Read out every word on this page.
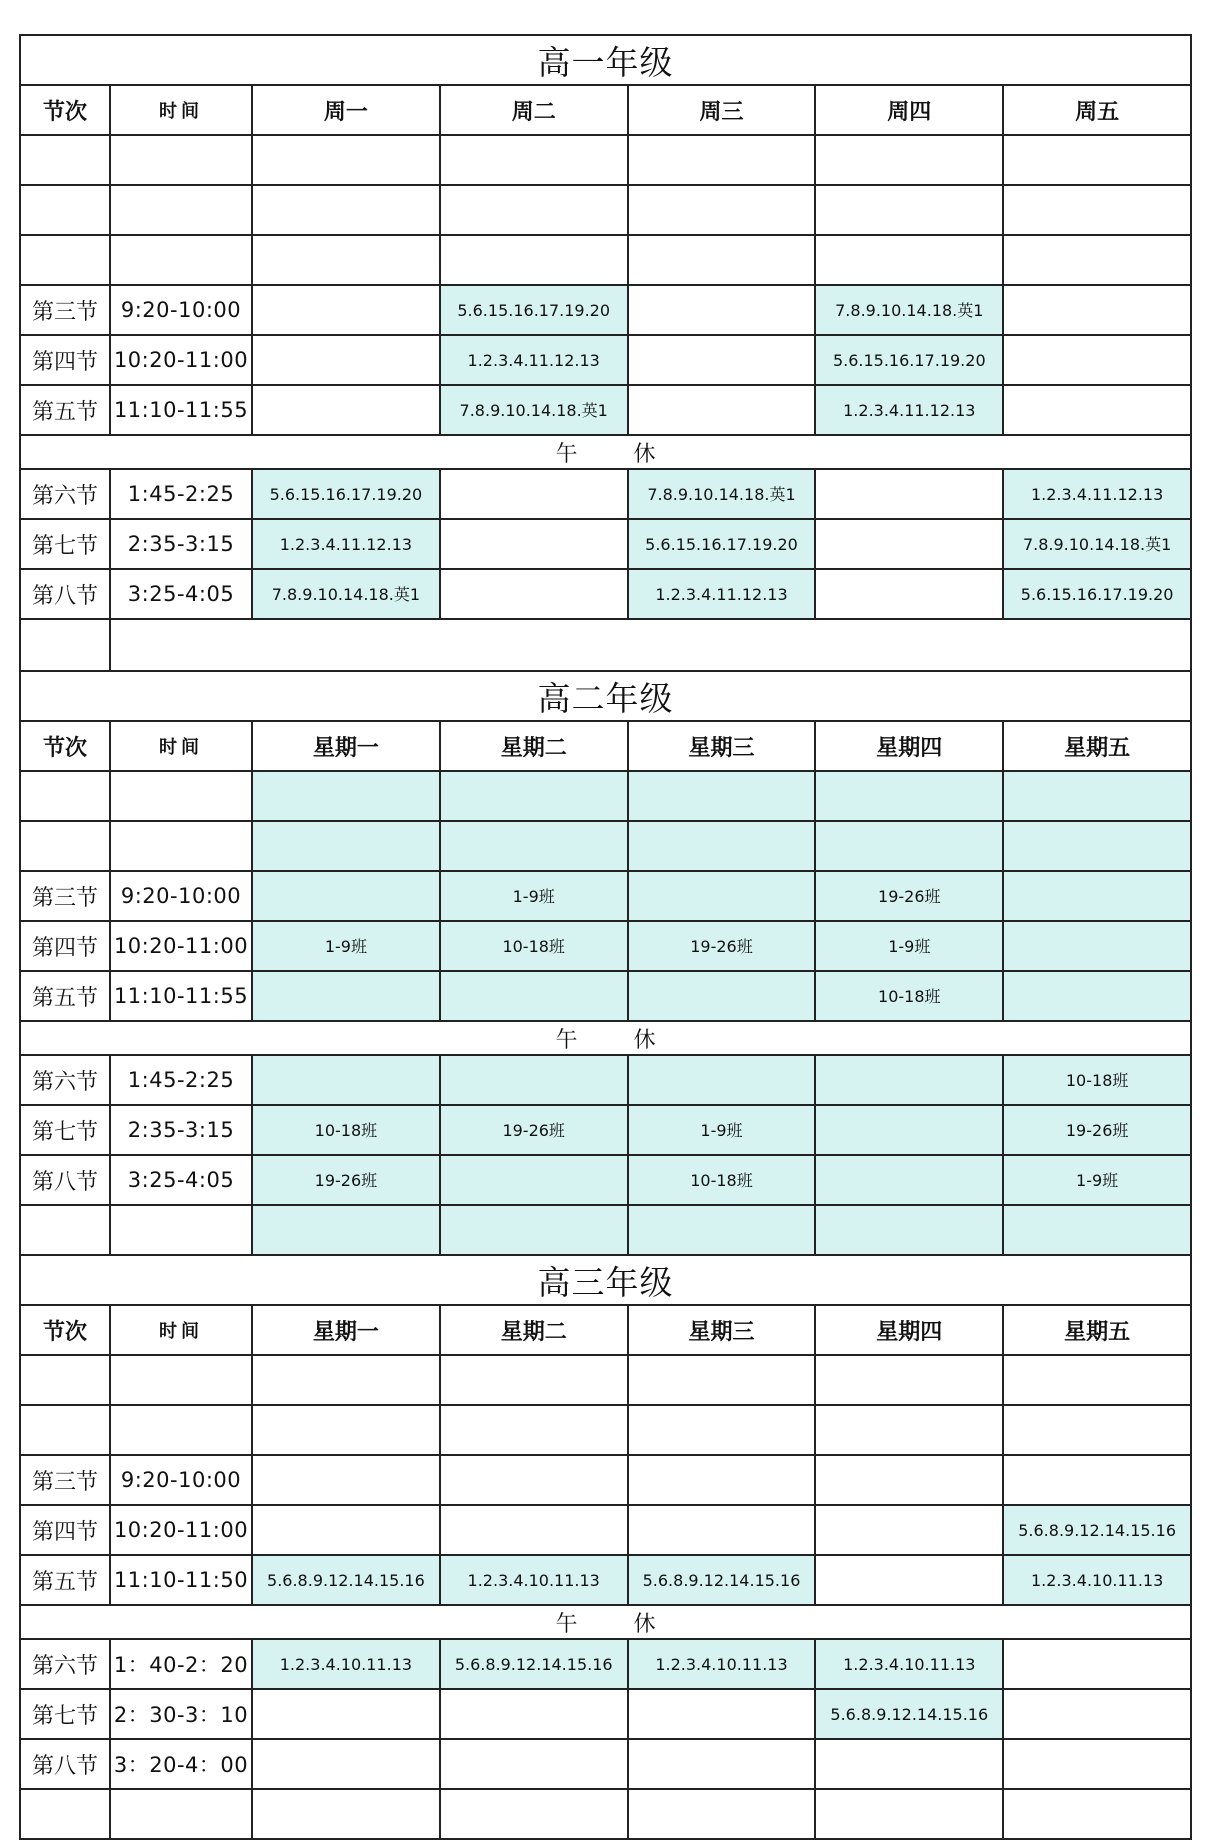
高一年级						
节次	时间	周一	周二	周三	周四	周五

第三节	9:20-10:00		5.6.15.16.17.19.20		7.8.9.10.14.18.英1	
第四节	10:20-11:00		1.2.3.4.11.12.13		5.6.15.16.17.19.20	
第五节	11:10-11:55		7.8.9.10.14.18.英1		1.2.3.4.11.12.13	
午        休						
第六节	1:45-2:25	5.6.15.16.17.19.20		7.8.9.10.14.18.英1		1.2.3.4.11.12.13
第七节	2:35-3:15	1.2.3.4.11.12.13		5.6.15.16.17.19.20		7.8.9.10.14.18.英1
第八节	3:25-4:05	7.8.9.10.14.18.英1		1.2.3.4.11.12.13		5.6.15.16.17.19.20

高二年级						
节次	时间	星期一	星期二	星期三	星期四	星期五

第三节	9:20-10:00		1-9班		19-26班	
第四节	10:20-11:00	1-9班	10-18班	19-26班	1-9班	
第五节	11:10-11:55				10-18班	
午        休						
第六节	1:45-2:25					10-18班
第七节	2:35-3:15	10-18班	19-26班	1-9班		19-26班
第八节	3:25-4:05	19-26班		10-18班		1-9班

高三年级						
节次	时间	星期一	星期二	星期三	星期四	星期五

第三节	9:20-10:00					
第四节	10:20-11:00					5.6.8.9.12.14.15.16
第五节	11:10-11:50	5.6.8.9.12.14.15.16	1.2.3.4.10.11.13	5.6.8.9.12.14.15.16		1.2.3.4.10.11.13
午        休						
第六节	1：40-2：20	1.2.3.4.10.11.13	5.6.8.9.12.14.15.16	1.2.3.4.10.11.13	1.2.3.4.10.11.13	
第七节	2：30-3：10				5.6.8.9.12.14.15.16	
第八节	3：20-4：00					
